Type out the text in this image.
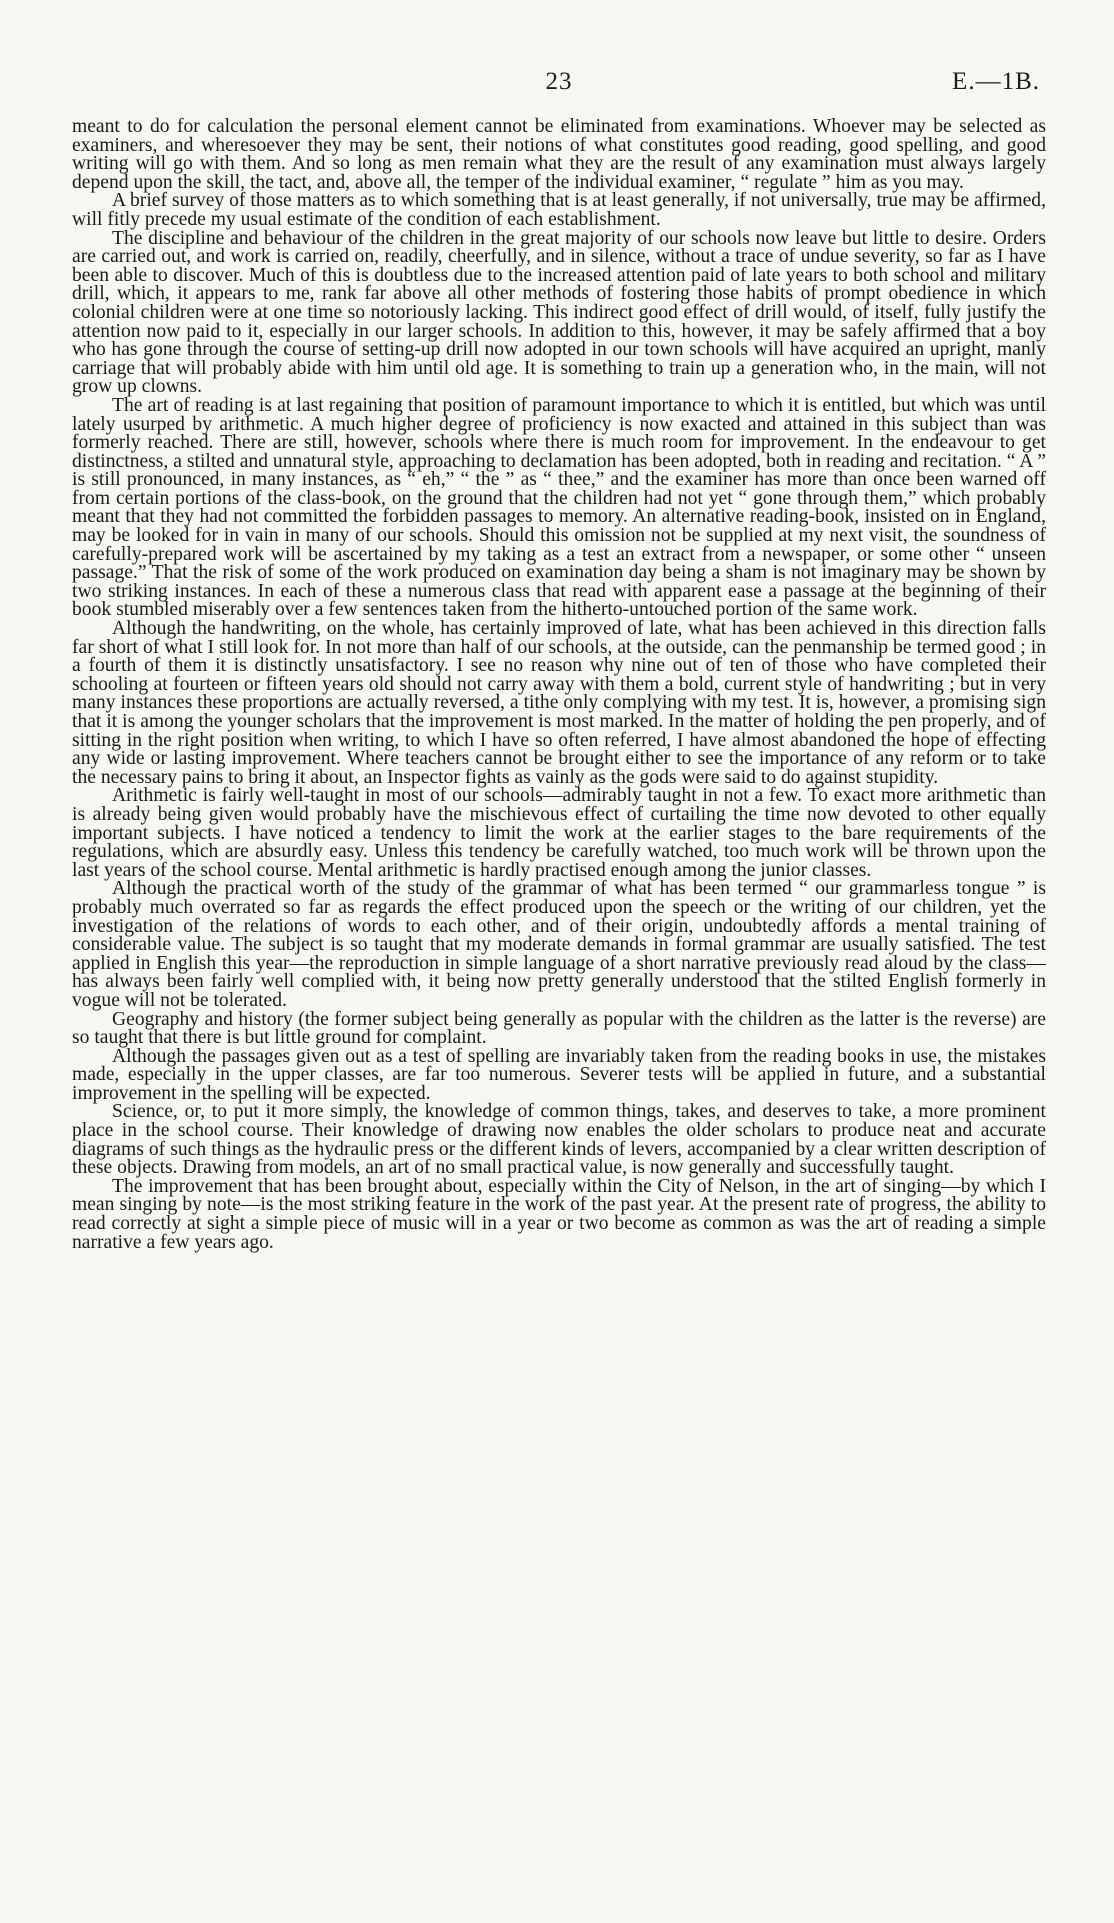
23	E.—1B.

meant to do for calculation the personal element cannot be eliminated from examinations. Whoever may be selected as examiners, and wheresoever they may be sent, their notions of what constitutes good reading, good spelling, and good writing will go with them. And so long as men remain what they are the result of any examination must always largely depend upon the skill, the tact, and, above all, the temper of the individual examiner, “ regulate ” him as you may.

A brief survey of those matters as to which something that is at least generally, if not universally, true may be affirmed, will fitly precede my usual estimate of the condition of each establishment.

The discipline and behaviour of the children in the great majority of our schools now leave but little to desire. Orders are carried out, and work is carried on, readily, cheerfully, and in silence, without a trace of undue severity, so far as I have been able to discover. Much of this is doubtless due to the increased attention paid of late years to both school and military drill, which, it appears to me, rank far above all other methods of fostering those habits of prompt obedience in which colonial children were at one time so notoriously lacking. This indirect good effect of drill would, of itself, fully justify the attention now paid to it, especially in our larger schools. In addition to this, however, it may be safely affirmed that a boy who has gone through the course of setting-up drill now adopted in our town schools will have acquired an upright, manly carriage that will probably abide with him until old age. It is something to train up a generation who, in the main, will not grow up clowns.

The art of reading is at last regaining that position of paramount importance to which it is entitled, but which was until lately usurped by arithmetic. A much higher degree of proficiency is now exacted and attained in this subject than was formerly reached. There are still, however, schools where there is much room for improvement. In the endeavour to get distinctness, a stilted and unnatural style, approaching to declamation has been adopted, both in reading and recitation. “ A ” is still pronounced, in many instances, as “ eh,” “ the ” as “ thee,” and the examiner has more than once been warned off from certain portions of the class-book, on the ground that the children had not yet “ gone through them,” which probably meant that they had not committed the forbidden passages to memory. An alternative reading-book, insisted on in England, may be looked for in vain in many of our schools. Should this omission not be supplied at my next visit, the soundness of carefully-prepared work will be ascertained by my taking as a test an extract from a newspaper, or some other “ unseen passage.” That the risk of some of the work produced on examination day being a sham is not imaginary may be shown by two striking instances. In each of these a numerous class that read with apparent ease a passage at the beginning of their book stumbled miserably over a few sentences taken from the hitherto-untouched portion of the same work.

Although the handwriting, on the whole, has certainly improved of late, what has been achieved in this direction falls far short of what I still look for. In not more than half of our schools, at the outside, can the penmanship be termed good ; in a fourth of them it is distinctly unsatisfactory. I see no reason why nine out of ten of those who have completed their schooling at fourteen or fifteen years old should not carry away with them a bold, current style of handwriting ; but in very many instances these proportions are actually reversed, a tithe only complying with my test. It is, however, a promising sign that it is among the younger scholars that the improvement is most marked. In the matter of holding the pen properly, and of sitting in the right position when writing, to which I have so often referred, I have almost abandoned the hope of effecting any wide or lasting improvement. Where teachers cannot be brought either to see the importance of any reform or to take the necessary pains to bring it about, an Inspector fights as vainly as the gods were said to do against stupidity.

Arithmetic is fairly well-taught in most of our schools—admirably taught in not a few. To exact more arithmetic than is already being given would probably have the mischievous effect of curtailing the time now devoted to other equally important subjects. I have noticed a tendency to limit the work at the earlier stages to the bare requirements of the regulations, which are absurdly easy. Unless this tendency be carefully watched, too much work will be thrown upon the last years of the school course. Mental arithmetic is hardly practised enough among the junior classes.

Although the practical worth of the study of the grammar of what has been termed “ our grammarless tongue ” is probably much overrated so far as regards the effect produced upon the speech or the writing of our children, yet the investigation of the relations of words to each other, and of their origin, undoubtedly affords a mental training of considerable value. The subject is so taught that my moderate demands in formal grammar are usually satisfied. The test applied in English this year—the reproduction in simple language of a short narrative previously read aloud by the class—has always been fairly well complied with, it being now pretty generally understood that the stilted English formerly in vogue will not be tolerated.

Geography and history (the former subject being generally as popular with the children as the latter is the reverse) are so taught that there is but little ground for complaint.

Although the passages given out as a test of spelling are invariably taken from the reading books in use, the mistakes made, especially in the upper classes, are far too numerous. Severer tests will be applied in future, and a substantial improvement in the spelling will be expected.

Science, or, to put it more simply, the knowledge of common things, takes, and deserves to take, a more prominent place in the school course. Their knowledge of drawing now enables the older scholars to produce neat and accurate diagrams of such things as the hydraulic press or the different kinds of levers, accompanied by a clear written description of these objects. Drawing from models, an art of no small practical value, is now generally and successfully taught.

The improvement that has been brought about, especially within the City of Nelson, in the art of singing—by which I mean singing by note—is the most striking feature in the work of the past year. At the present rate of progress, the ability to read correctly at sight a simple piece of music will in a year or two become as common as was the art of reading a simple narrative a few years ago.
